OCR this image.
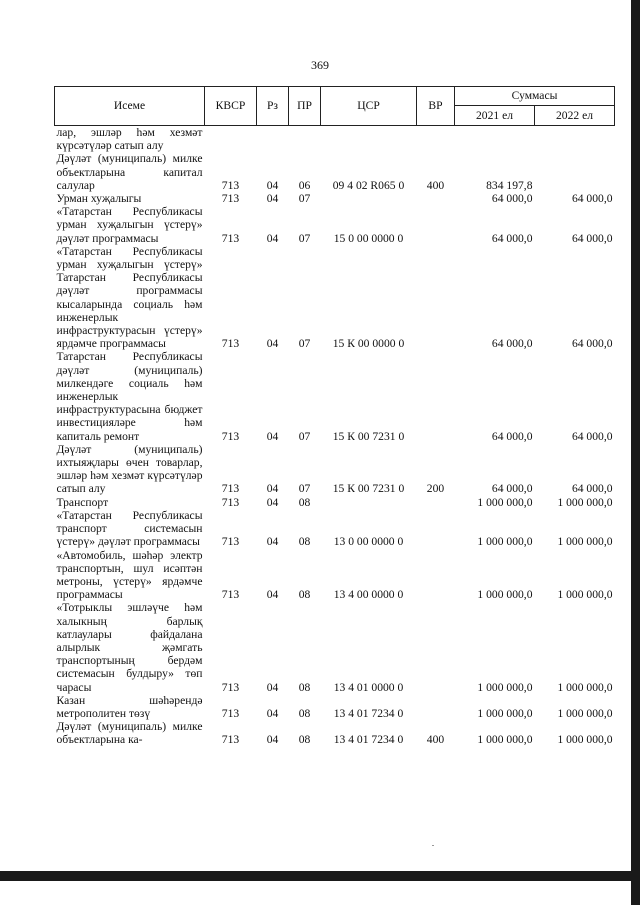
369
Исеме	КВСР	Рз	ПР	ЦСР	ВР	Суммасы	
						2021 ел	2022 ел
лар, эшләр һәм хезмәт күрсәтүләр сатып алу							
Дәүләт (муниципаль) милке объектларына капитал салулар	713	04	06	09 4 02 R065 0	400	834 197,8	
Урман хуҗалыгы	713	04	07			64 000,0	64 000,0
«Татарстан Республикасы урман хуҗалыгын үстерү» дәүләт программасы	713	04	07	15 0 00 0000 0		64 000,0	64 000,0
«Татарстан Республикасы урман хуҗалыгын үстерү» Татарстан Республикасы дәүләт программасы кысаларында социаль һәм инженерлык инфраструктурасын үстерү» ярдәмче программасы	713	04	07	15 К 00 0000 0		64 000,0	64 000,0
Татарстан Республикасы дәүләт (муниципаль) милкендәге социаль һәм инженерлык инфраструктурасына бюджет инвестицияләре һәм капиталь ремонт	713	04	07	15 К 00 7231 0		64 000,0	64 000,0
Дәүләт (муниципаль) ихтыяҗлары өчен товарлар, эшләр һәм хезмәт күрсәтүләр сатып алу	713	04	07	15 К 00 7231 0	200	64 000,0	64 000,0
Транспорт	713	04	08			1 000 000,0	1 000 000,0
«Татарстан Республикасы транспорт системасын үстерү» дәүләт программасы	713	04	08	13 0 00 0000 0		1 000 000,0	1 000 000,0
«Автомобиль, шәһәр электр транспортын, шул исәптән метроны, үстерү» ярдәмче программасы	713	04	08	13 4 00 0000 0		1 000 000,0	1 000 000,0
«Тотрыклы эшләүче һәм халыкның барлық катлаулары файдалана алырлык җәмгать транспортының бердәм системасын булдыру» төп чарасы	713	04	08	13 4 01 0000 0		1 000 000,0	1 000 000,0
Казан шәһәрендә метрополитен төзү	713	04	08	13 4 01 7234 0		1 000 000,0	1 000 000,0
Дәүләт (муниципаль) милке объектларына ка-	713	04	08	13 4 01 7234 0	400	1 000 000,0	1 000 000,0
